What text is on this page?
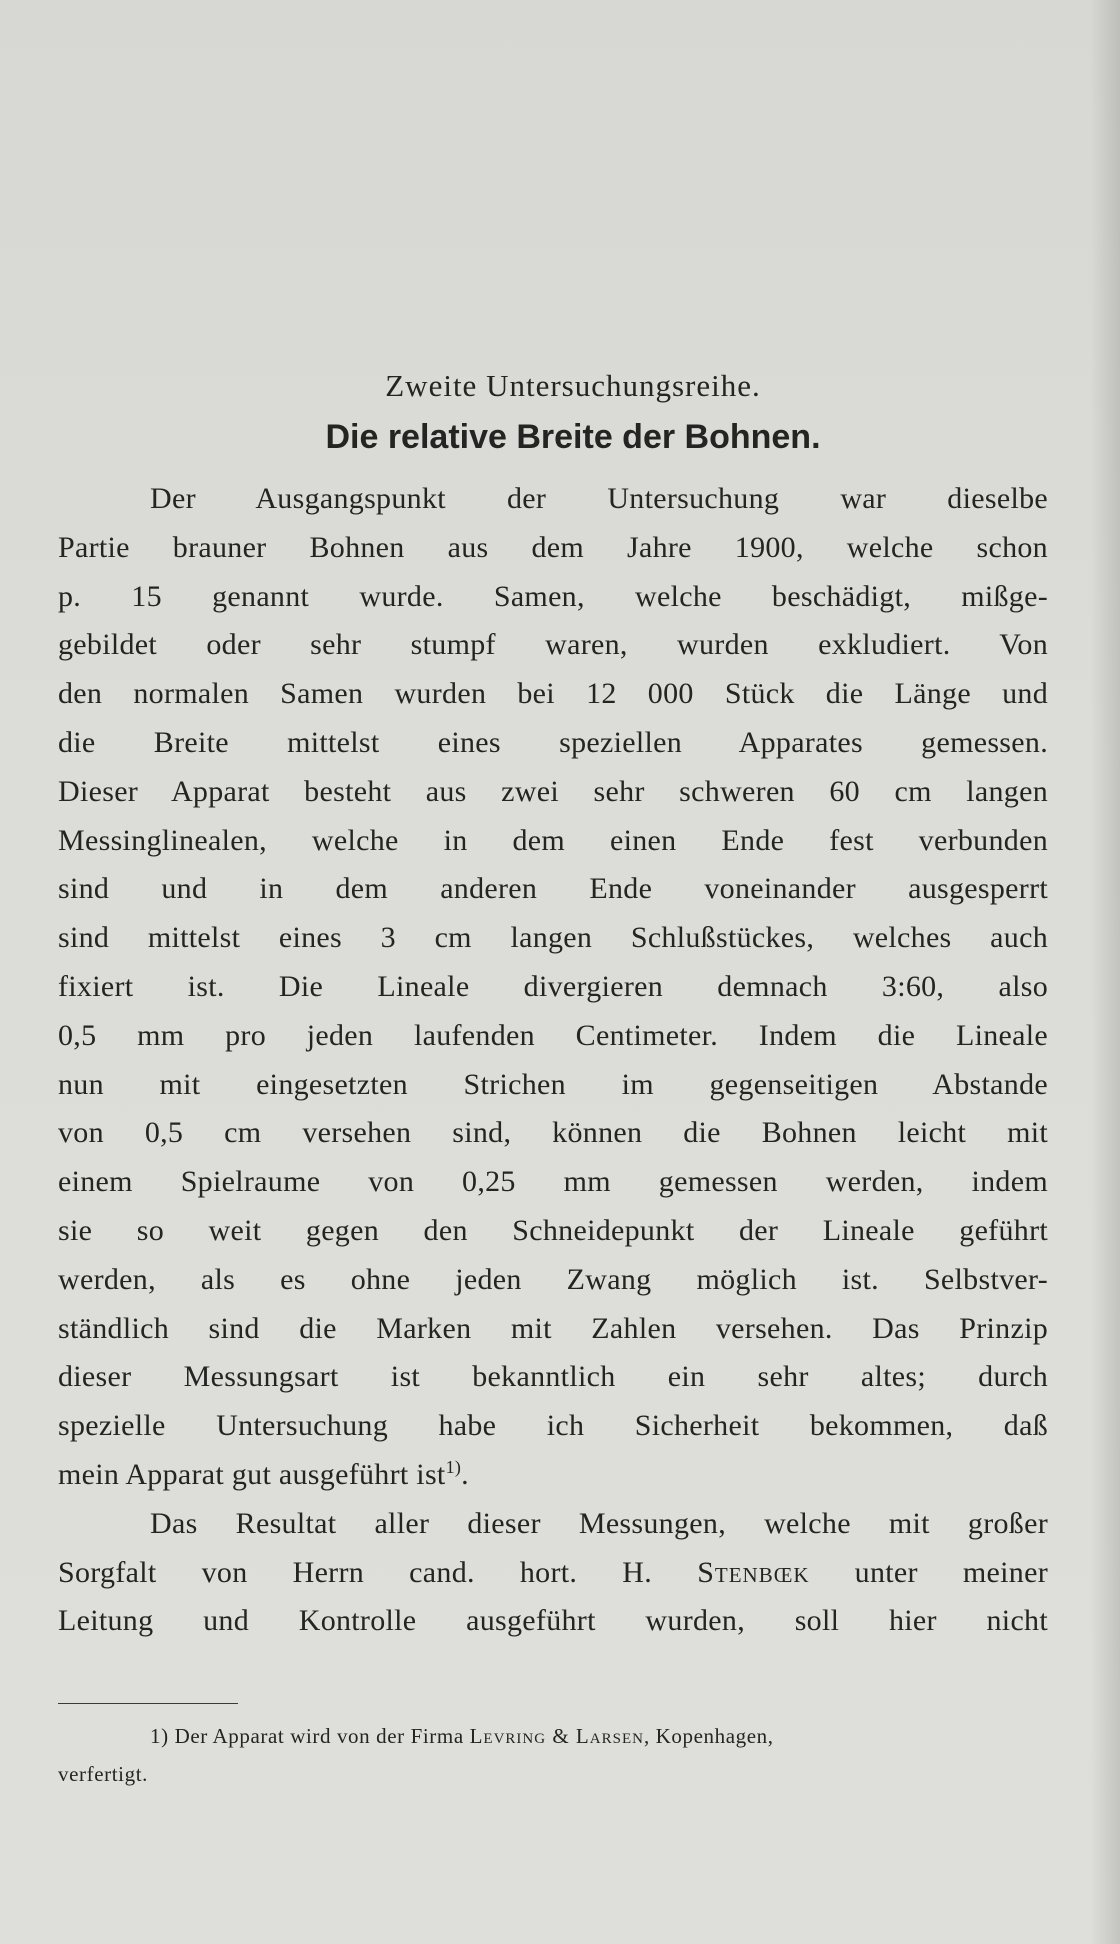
Zweite Untersuchungsreihe.
Die relative Breite der Bohnen.

Der Ausgangspunkt der Untersuchung war dieselbe
Partie brauner Bohnen aus dem Jahre 1900, welche schon
p. 15 genannt wurde. Samen, welche beschädigt, mißge-
gebildet oder sehr stumpf waren, wurden exkludiert. Von
den normalen Samen wurden bei 12 000 Stück die Länge und
die Breite mittelst eines speziellen Apparates gemessen.
Dieser Apparat besteht aus zwei sehr schweren 60 cm langen
Messinglinealen, welche in dem einen Ende fest verbunden
sind und in dem anderen Ende voneinander ausgesperrt
sind mittelst eines 3 cm langen Schlußstückes, welches auch
fixiert ist. Die Lineale divergieren demnach 3:60, also
0,5 mm pro jeden laufenden Centimeter. Indem die Lineale
nun mit eingesetzten Strichen im gegenseitigen Abstande
von 0,5 cm versehen sind, können die Bohnen leicht mit
einem Spielraume von 0,25 mm gemessen werden, indem
sie so weit gegen den Schneidepunkt der Lineale geführt
werden, als es ohne jeden Zwang möglich ist. Selbstver-
ständlich sind die Marken mit Zahlen versehen. Das Prinzip
dieser Messungsart ist bekanntlich ein sehr altes; durch
spezielle Untersuchung habe ich Sicherheit bekommen, daß
mein Apparat gut ausgeführt ist$^{1)}$.

Das Resultat aller dieser Messungen, welche mit großer
Sorgfalt von Herrn cand. hort. H. Stenbœk unter meiner
Leitung und Kontrolle ausgeführt wurden, soll hier nicht

1) Der Apparat wird von der Firma Levring & Larsen, Kopenhagen,
verfertigt.
